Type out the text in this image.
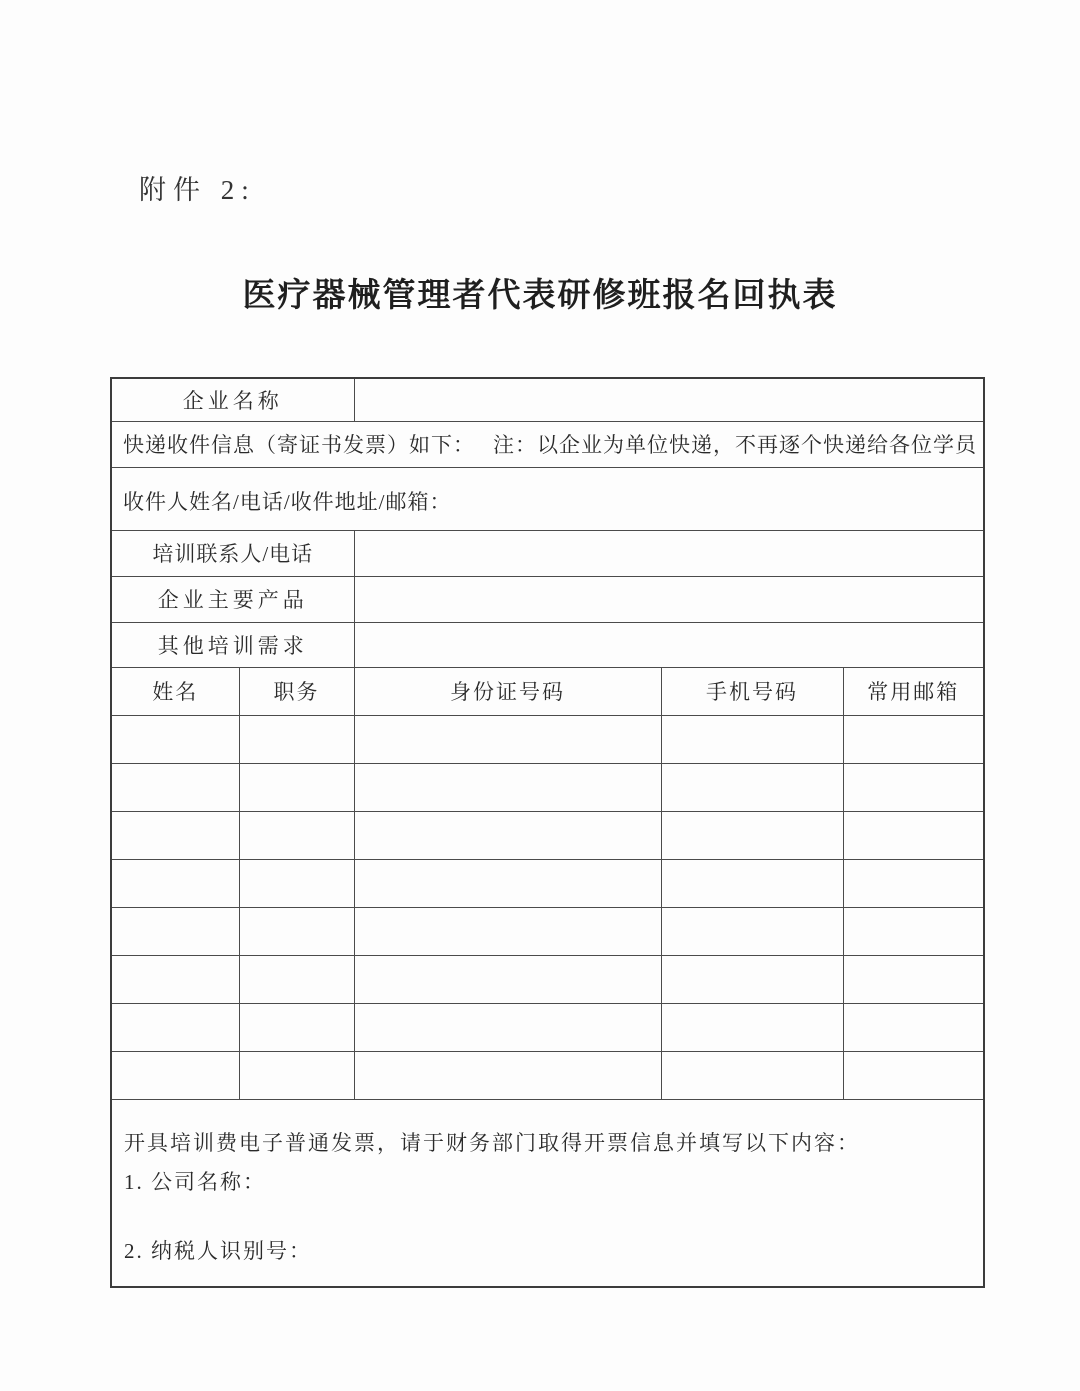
附件 2:
医疗器械管理者代表研修班报名回执表
企业名称				

快递收件信息（寄证书发票）如下： 注：以企业为单位快递，不再逐个快递给各位学员				

收件人姓名/电话/收件地址/邮箱：				
培训联系人/电话				
企业主要产品				
其他培训需求				
姓名	职务	身份证号码	手机号码	常用邮箱

开具培训费电子普通发票，请于财务部门取得开票信息并填写以下内容：

1. 公司名称：

2. 纳税人识别号：				
